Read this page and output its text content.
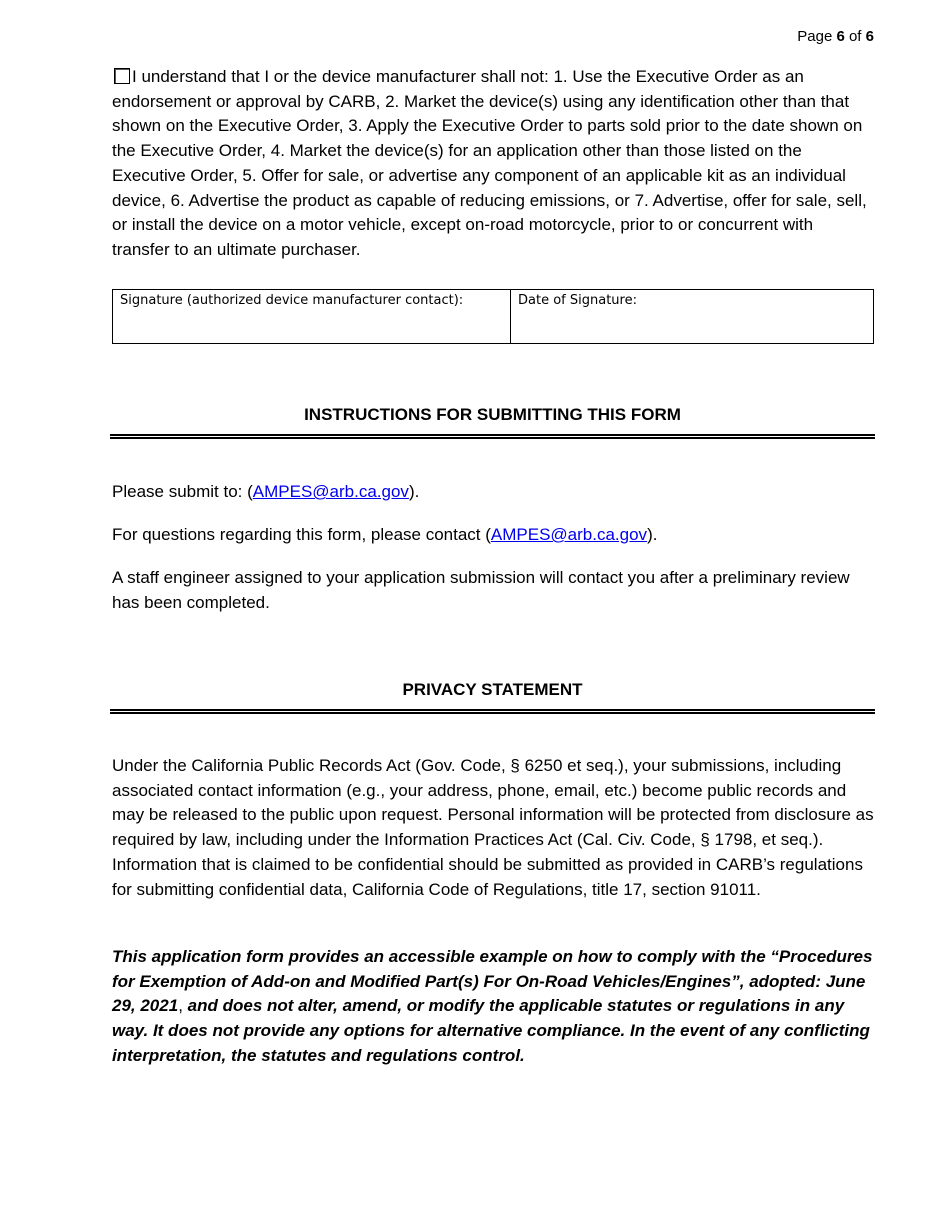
Page 6 of 6
I understand that I or the device manufacturer shall not: 1. Use the Executive Order as an endorsement or approval by CARB, 2. Market the device(s) using any identification other than that shown on the Executive Order, 3. Apply the Executive Order to parts sold prior to the date shown on the Executive Order, 4. Market the device(s) for an application other than those listed on the Executive Order, 5. Offer for sale, or advertise any component of an applicable kit as an individual device, 6. Advertise the product as capable of reducing emissions, or 7. Advertise, offer for sale, sell, or install the device on a motor vehicle, except on-road motorcycle, prior to or concurrent with transfer to an ultimate purchaser.
Signature (authorized device manufacturer contact):	Date of Signature:
INSTRUCTIONS FOR SUBMITTING THIS FORM

Please submit to: (AMPES@arb.ca.gov).

For questions regarding this form, please contact (AMPES@arb.ca.gov).

A staff engineer assigned to your application submission will contact you after a preliminary review has been completed.

PRIVACY STATEMENT

Under the California Public Records Act (Gov. Code, § 6250 et seq.), your submissions, including associated contact information (e.g., your address, phone, email, etc.) become public records and may be released to the public upon request. Personal information will be protected from disclosure as required by law, including under the Information Practices Act (Cal. Civ. Code, § 1798, et seq.). Information that is claimed to be confidential should be submitted as provided in CARB’s regulations for submitting confidential data, California Code of Regulations, title 17, section 91011.

This application form provides an accessible example on how to comply with the “Procedures for Exemption of Add-on and Modified Part(s) For On-Road Vehicles/Engines”, adopted: June 29, 2021, and does not alter, amend, or modify the applicable statutes or regulations in any way. It does not provide any options for alternative compliance. In the event of any conflicting interpretation, the statutes and regulations control.
